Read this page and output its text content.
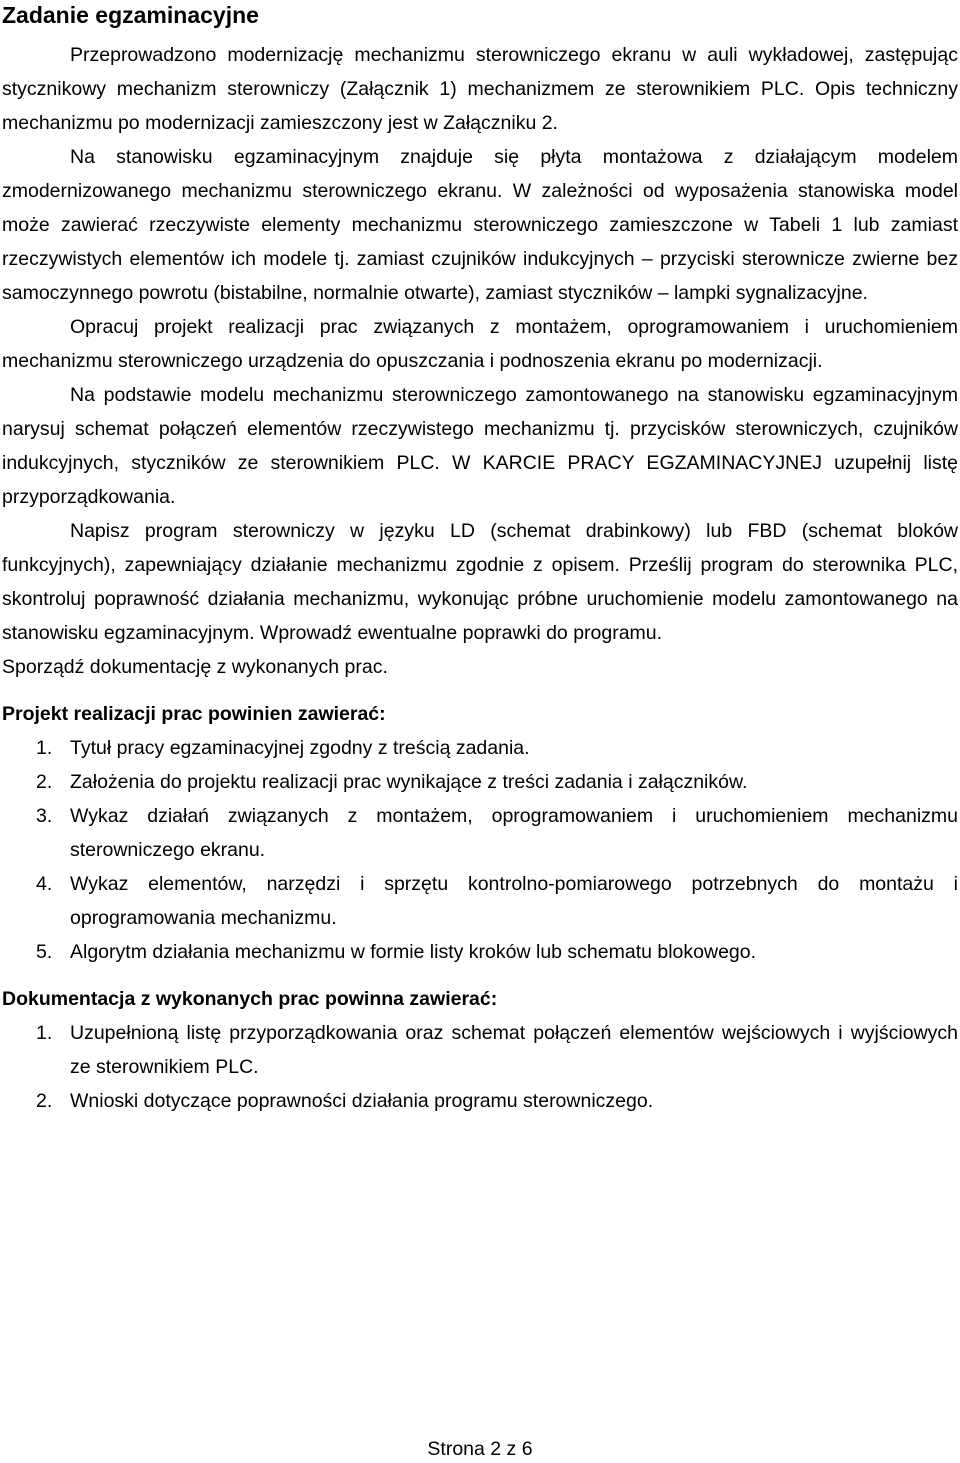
Zadanie egzaminacyjne

Przeprowadzono modernizację mechanizmu sterowniczego ekranu w auli wykładowej, zastępując stycznikowy mechanizm sterowniczy (Załącznik 1) mechanizmem ze sterownikiem PLC. Opis techniczny mechanizmu po modernizacji zamieszczony jest w Załączniku 2.

Na stanowisku egzaminacyjnym znajduje się płyta montażowa z działającym modelem zmodernizowanego mechanizmu sterowniczego ekranu. W zależności od wyposażenia stanowiska model może zawierać rzeczywiste elementy mechanizmu sterowniczego zamieszczone w Tabeli 1 lub zamiast rzeczywistych elementów ich modele tj. zamiast czujników indukcyjnych – przyciski sterownicze zwierne bez samoczynnego powrotu (bistabilne, normalnie otwarte), zamiast styczników – lampki sygnalizacyjne.

Opracuj projekt realizacji prac związanych z montażem, oprogramowaniem i uruchomieniem mechanizmu sterowniczego urządzenia do opuszczania i podnoszenia ekranu po modernizacji.

Na podstawie modelu mechanizmu sterowniczego zamontowanego na stanowisku egzaminacyjnym narysuj schemat połączeń elementów rzeczywistego mechanizmu tj. przycisków sterowniczych, czujników indukcyjnych, styczników ze sterownikiem PLC. W KARCIE PRACY EGZAMINACYJNEJ uzupełnij listę przyporządkowania.

Napisz program sterowniczy w języku LD (schemat drabinkowy) lub FBD (schemat bloków funkcyjnych), zapewniający działanie mechanizmu zgodnie z opisem. Prześlij program do sterownika PLC, skontroluj poprawność działania mechanizmu, wykonując próbne uruchomienie modelu zamontowanego na stanowisku egzaminacyjnym. Wprowadź ewentualne poprawki do programu.

Sporządź dokumentację z wykonanych prac.

Projekt realizacji prac powinien zawierać:
1. Tytuł pracy egzaminacyjnej zgodny z treścią zadania.
2. Założenia do projektu realizacji prac wynikające z treści zadania i załączników.
3. Wykaz działań związanych z montażem, oprogramowaniem i uruchomieniem mechanizmu sterowniczego ekranu.
4. Wykaz elementów, narzędzi i sprzętu kontrolno-pomiarowego potrzebnych do montażu i oprogramowania mechanizmu.
5. Algorytm działania mechanizmu w formie listy kroków lub schematu blokowego.
Dokumentacja z wykonanych prac powinna zawierać:
1. Uzupełnioną listę przyporządkowania oraz schemat połączeń elementów wejściowych i wyjściowych ze sterownikiem PLC.
2. Wnioski dotyczące poprawności działania programu sterowniczego.
Strona 2 z 6
